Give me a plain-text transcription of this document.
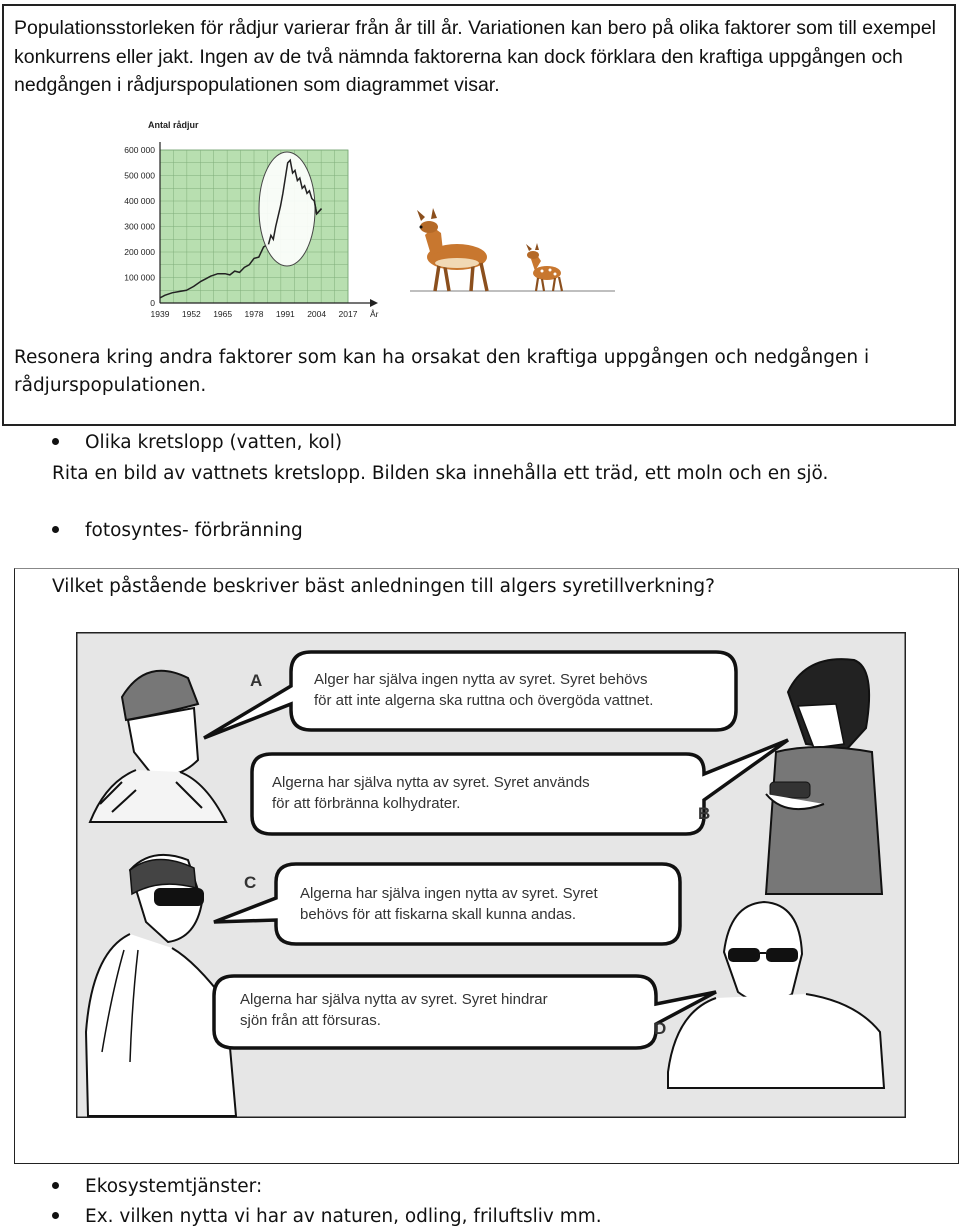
Populationsstorleken för rådjur varierar från år till år. Variationen kan bero på olika faktorer som till exempel konkurrens eller jakt. Ingen av de två nämnda faktorerna kan dock förklara den kraftiga uppgången och nedgången i rådjurspopulationen som diagrammet visar.

0
100 000
200 000
300 000
400 000
500 000
600 000
1939 1952 1965 1978 1991 2004 2017 År
Antal rådjur

Resonera kring andra faktorer som kan ha orsakat den kraftiga uppgången och nedgången i rådjurspopulationen.

Olika kretslopp (vatten, kol)
Rita en bild av vattnets kretslopp. Bilden ska innehålla ett träd, ett moln och en sjö.
fotosyntes- förbränning
Vilket påstående beskriver bäst anledningen till algers syretillverkning?
A	Alger har själva ingen nytta av syret. Syret behövs
för att inte algerna ska ruttna och övergöda vattnet.
Algerna har själva nytta av syret. Syret används
för att förbränna kolhydrater.
B
C
Algerna har själva ingen nytta av syret. Syret
behövs för att fiskarna skall kunna andas.
Algerna har själva nytta av syret. Syret hindrar
sjön från att försuras.	D
Ekosystemtjänster:
Ex. vilken nytta vi har av naturen, odling, friluftsliv mm.
